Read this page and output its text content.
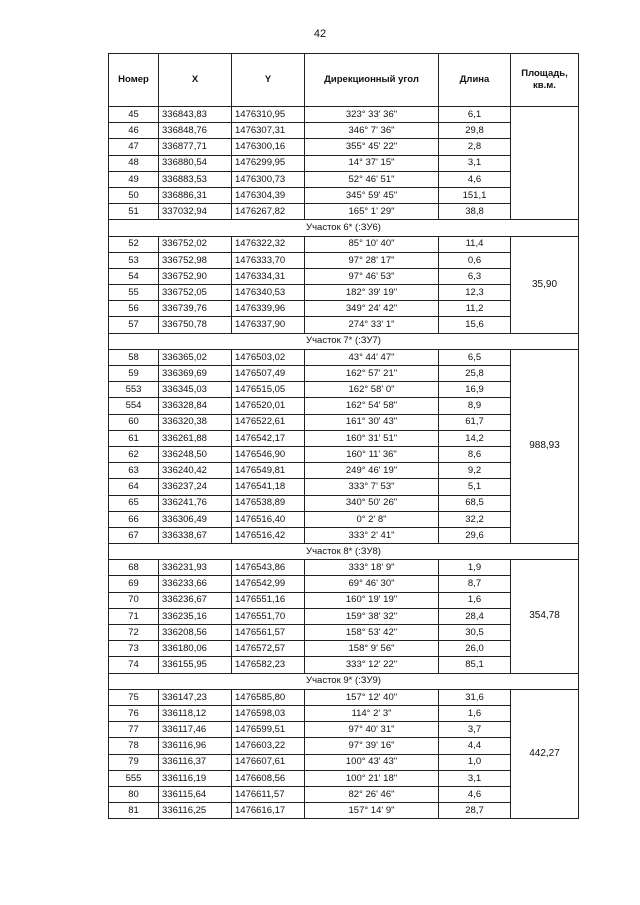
42
Номер	X	Y	Дирекционный угол	Длина	Площадь, кв.м.
45	336843,83	1476310,95	323° 33' 36"	6,1	
46	336848,76	1476307,31	346° 7' 36"	29,8	
47	336877,71	1476300,16	355° 45' 22"	2,8	
48	336880,54	1476299,95	14° 37' 15"	3,1	
49	336883,53	1476300,73	52° 46' 51"	4,6	
50	336886,31	1476304,39	345° 59' 45"	151,1	
51	337032,94	1476267,82	165° 1' 29"	38,8	
Участок 6* (:ЗУ6)					
52	336752,02	1476322,32	85° 10' 40"	11,4	35,90
53	336752,98	1476333,70	97° 28' 17"	0,6	
54	336752,90	1476334,31	97° 46' 53"	6,3	
55	336752,05	1476340,53	182° 39' 19"	12,3	
56	336739,76	1476339,96	349° 24' 42"	11,2	
57	336750,78	1476337,90	274° 33' 1"	15,6	
Участок 7* (:ЗУ7)					
58	336365,02	1476503,02	43° 44' 47"	6,5	988,93
59	336369,69	1476507,49	162° 57' 21"	25,8	
553	336345,03	1476515,05	162° 58' 0"	16,9	
554	336328,84	1476520,01	162° 54' 58"	8,9	
60	336320,38	1476522,61	161° 30' 43"	61,7	
61	336261,88	1476542,17	160° 31' 51"	14,2	
62	336248,50	1476546,90	160° 11' 36"	8,6	
63	336240,42	1476549,81	249° 46' 19"	9,2	
64	336237,24	1476541,18	333° 7' 53"	5,1	
65	336241,76	1476538,89	340° 50' 26"	68,5	
66	336306,49	1476516,40	0° 2' 8"	32,2	
67	336338,67	1476516,42	333° 2' 41"	29,6	
Участок 8* (:ЗУ8)					
68	336231,93	1476543,86	333° 18' 9"	1,9	354,78
69	336233,66	1476542,99	69° 46' 30"	8,7	
70	336236,67	1476551,16	160° 19' 19"	1,6	
71	336235,16	1476551,70	159° 38' 32"	28,4	
72	336208,56	1476561,57	158° 53' 42"	30,5	
73	336180,06	1476572,57	158° 9' 56"	26,0	
74	336155,95	1476582,23	333° 12' 22"	85,1	
Участок 9* (:ЗУ9)					
75	336147,23	1476585,80	157° 12' 40"	31,6	442,27
76	336118,12	1476598,03	114° 2' 3"	1,6	
77	336117,46	1476599,51	97° 40' 31"	3,7	
78	336116,96	1476603,22	97° 39' 16"	4,4	
79	336116,37	1476607,61	100° 43' 43"	1,0	
555	336116,19	1476608,56	100° 21' 18"	3,1	
80	336115,64	1476611,57	82° 26' 46"	4,6	
81	336116,25	1476616,17	157° 14' 9"	28,7	
